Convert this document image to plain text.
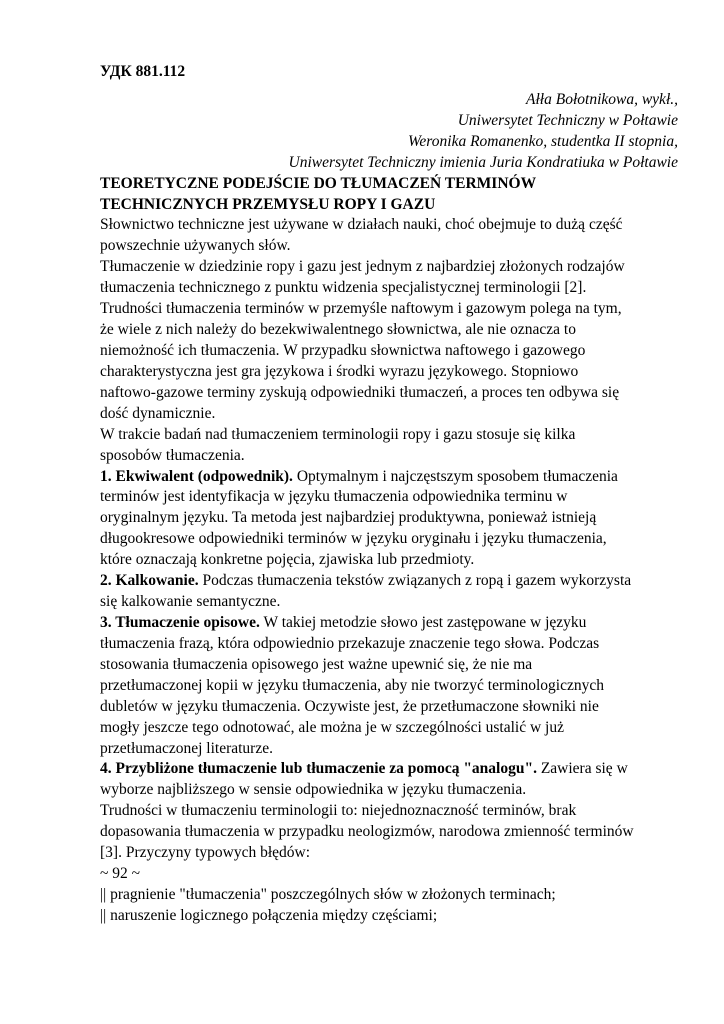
УДК 881.112

Ałła Bołotnikowa, wykł.,

Uniwersytet Techniczny w Połtawie

Weronika Romanenko, studentka II stopnia,

Uniwersytet Techniczny imienia Juria Kondratiuka w Połtawie

TEORETYCZNE PODEJŚCIE DO TŁUMACZEŃ TERMINÓW
TECHNICZNYCH PRZEMYSŁU ROPY I GAZU

Słownictwo techniczne jest używane w działach nauki, choć obejmuje to dużą część powszechnie używanych słów.

Tłumaczenie w dziedzinie ropy i gazu jest jednym z najbardziej złożonych rodzajów tłumaczenia technicznego z punktu widzenia specjalistycznej terminologii [2].

Trudności tłumaczenia terminów w przemyśle naftowym i gazowym polega na tym, że wiele z nich należy do bezekwiwalentnego słownictwa, ale nie oznacza to niemożność ich tłumaczenia. W przypadku słownictwa naftowego i gazowego charakterystyczna jest gra językowa i środki wyrazu językowego. Stopniowo naftowo-gazowe terminy zyskują odpowiedniki tłumaczeń, a proces ten odbywa się dość dynamicznie.

W trakcie badań nad tłumaczeniem terminologii ropy i gazu stosuje się kilka sposobów tłumaczenia.

1. Ekwiwalent (odpowednik). Optymalnym i najczęstszym sposobem tłumaczenia terminów jest identyfikacja w języku tłumaczenia odpowiednika terminu w oryginalnym języku. Ta metoda jest najbardziej produktywna, ponieważ istnieją długookresowe odpowiedniki terminów w języku oryginału i języku tłumaczenia, które oznaczają konkretne pojęcia, zjawiska lub przedmioty.

2. Kalkowanie. Podczas tłumaczenia tekstów związanych z ropą i gazem wykorzysta się kalkowanie semantyczne.

3. Tłumaczenie opisowe. W takiej metodzie słowo jest zastępowane w języku tłumaczenia frazą, która odpowiednio przekazuje znaczenie tego słowa. Podczas stosowania tłumaczenia opisowego jest ważne upewnić się, że nie ma przetłumaczonej kopii w języku tłumaczenia, aby nie tworzyć terminologicznych dubletów w języku tłumaczenia. Oczywiste jest, że przetłumaczone słowniki nie mogły jeszcze tego odnotować, ale można je w szczególności ustalić w już przetłumaczonej literaturze.

4. Przybliżone tłumaczenie lub tłumaczenie za pomocą "analogu". Zawiera się w wyborze najbliższego w sensie odpowiednika w języku tłumaczenia.

Trudności w tłumaczeniu terminologii to: niejednoznaczność terminów, brak dopasowania tłumaczenia w przypadku neologizmów, narodowa zmienność terminów [3]. Przyczyny typowych błędów:

~ 92 ~

|| pragnienie "tłumaczenia" poszczególnych słów w złożonych terminach;

|| naruszenie logicznego połączenia między częściami;
